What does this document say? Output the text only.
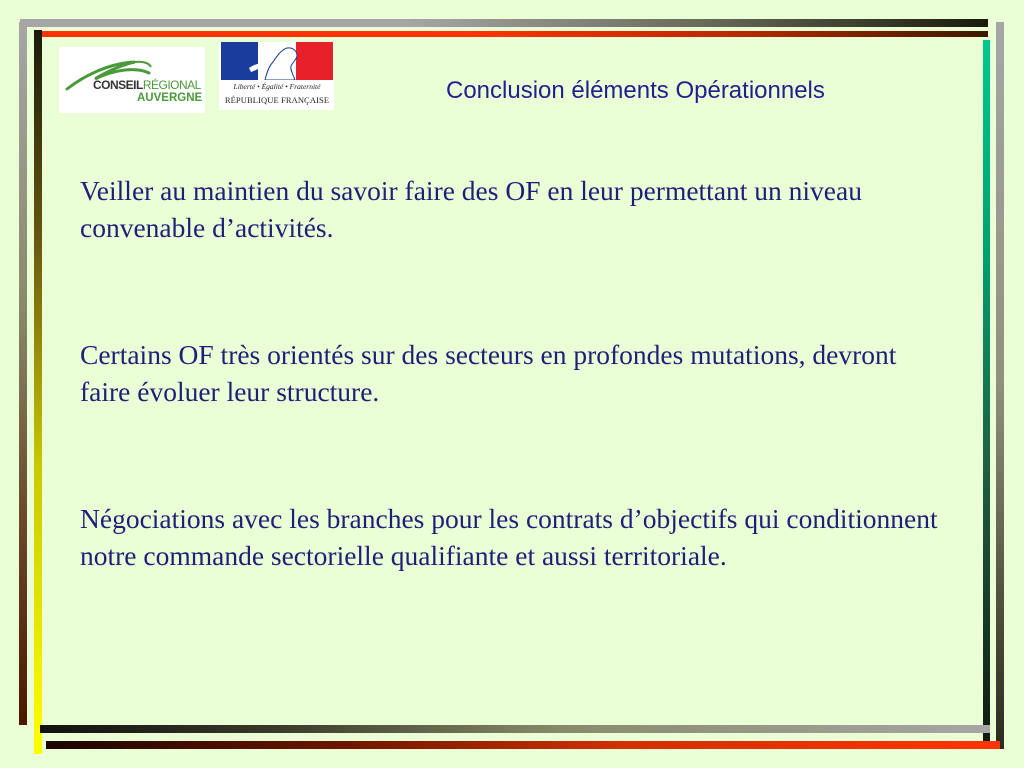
CONSEILRÉGIONAL
AUVERGNE
Liberté • Égalité • Fraternité
RÉPUBLIQUE FRANÇAISE	Conclusion éléments Opérationnels

Veiller au maintien du savoir faire des OF en leur permettant un niveau convenable d’activités.

Certains OF très orientés sur des secteurs en profondes mutations, devront faire évoluer leur structure.

Négociations avec les branches pour les contrats d’objectifs qui conditionnent notre commande sectorielle qualifiante et aussi territoriale.
